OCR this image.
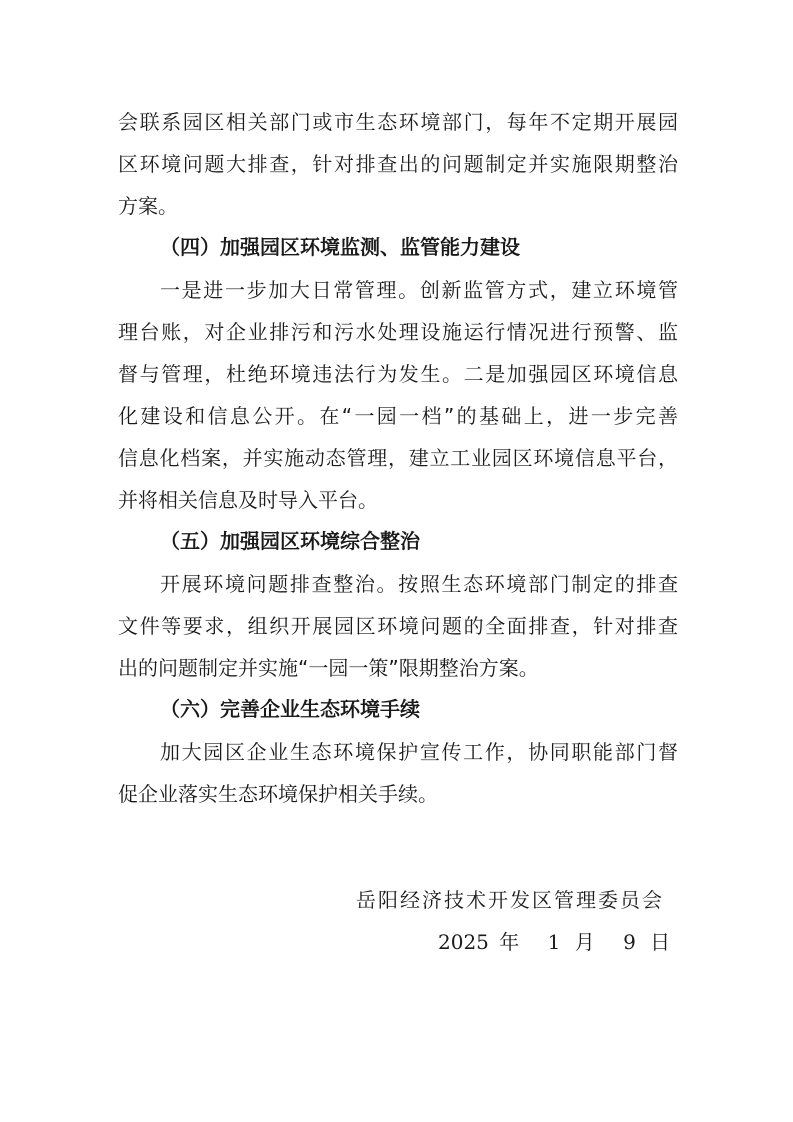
会联系园区相关部门或市生态环境部门，每年不定期开展园
区环境问题大排查，针对排查出的问题制定并实施限期整治
方案。
（四）加强园区环境监测、监管能力建设
一是进一步加大日常管理。创新监管方式，建立环境管
理台账，对企业排污和污水处理设施运行情况进行预警、监
督与管理，杜绝环境违法行为发生。二是加强园区环境信息
化建设和信息公开。在“一园一档”的基础上，进一步完善
信息化档案，并实施动态管理，建立工业园区环境信息平台，
并将相关信息及时导入平台。
（五）加强园区环境综合整治
开展环境问题排查整治。按照生态环境部门制定的排查
文件等要求，组织开展园区环境问题的全面排查，针对排查
出的问题制定并实施“一园一策”限期整治方案。
（六）完善企业生态环境手续
加大园区企业生态环境保护宣传工作，协同职能部门督
促企业落实生态环境保护相关手续。
岳阳经济技术开发区管理委员会
2025 年 1 月 9 日
